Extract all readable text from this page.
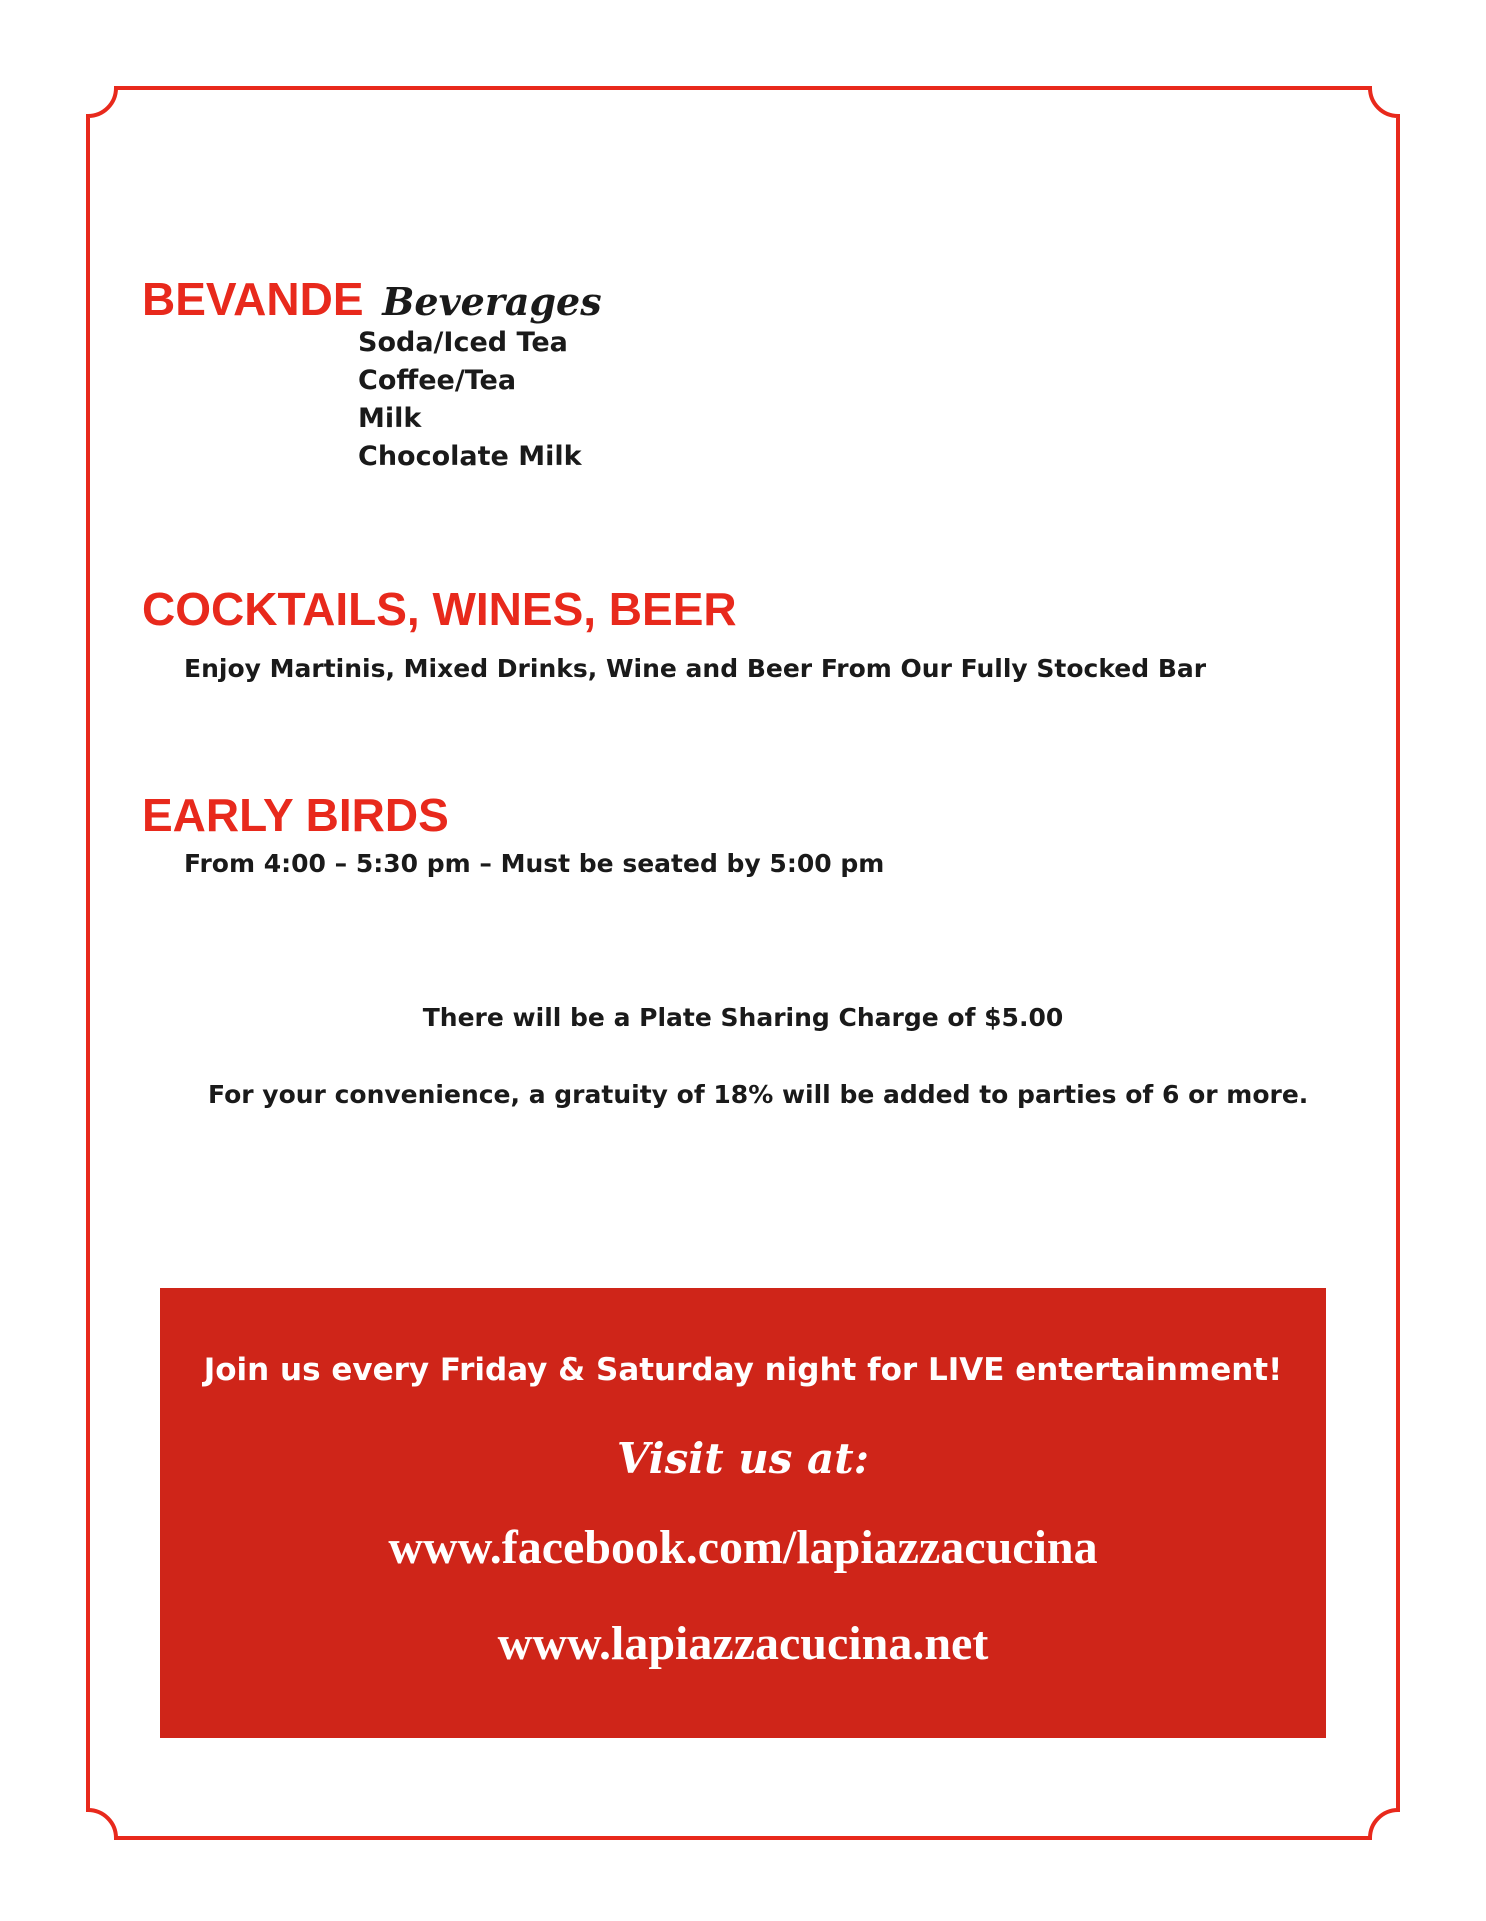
BEVANDE Beverages
Soda/Iced Tea
Coffee/Tea
Milk
Chocolate Milk
COCKTAILS, WINES, BEER
Enjoy Martinis, Mixed Drinks, Wine and Beer From Our Fully Stocked Bar
EARLY BIRDS
From 4:00 – 5:30 pm – Must be seated by 5:00 pm
There will be a Plate Sharing Charge of $5.00
For your convenience, a gratuity of 18% will be added to parties of 6 or more.
Join us every Friday & Saturday night for LIVE entertainment!
Visit us at:
www.facebook.com/lapiazzacucina
www.lapiazzacucina.net
